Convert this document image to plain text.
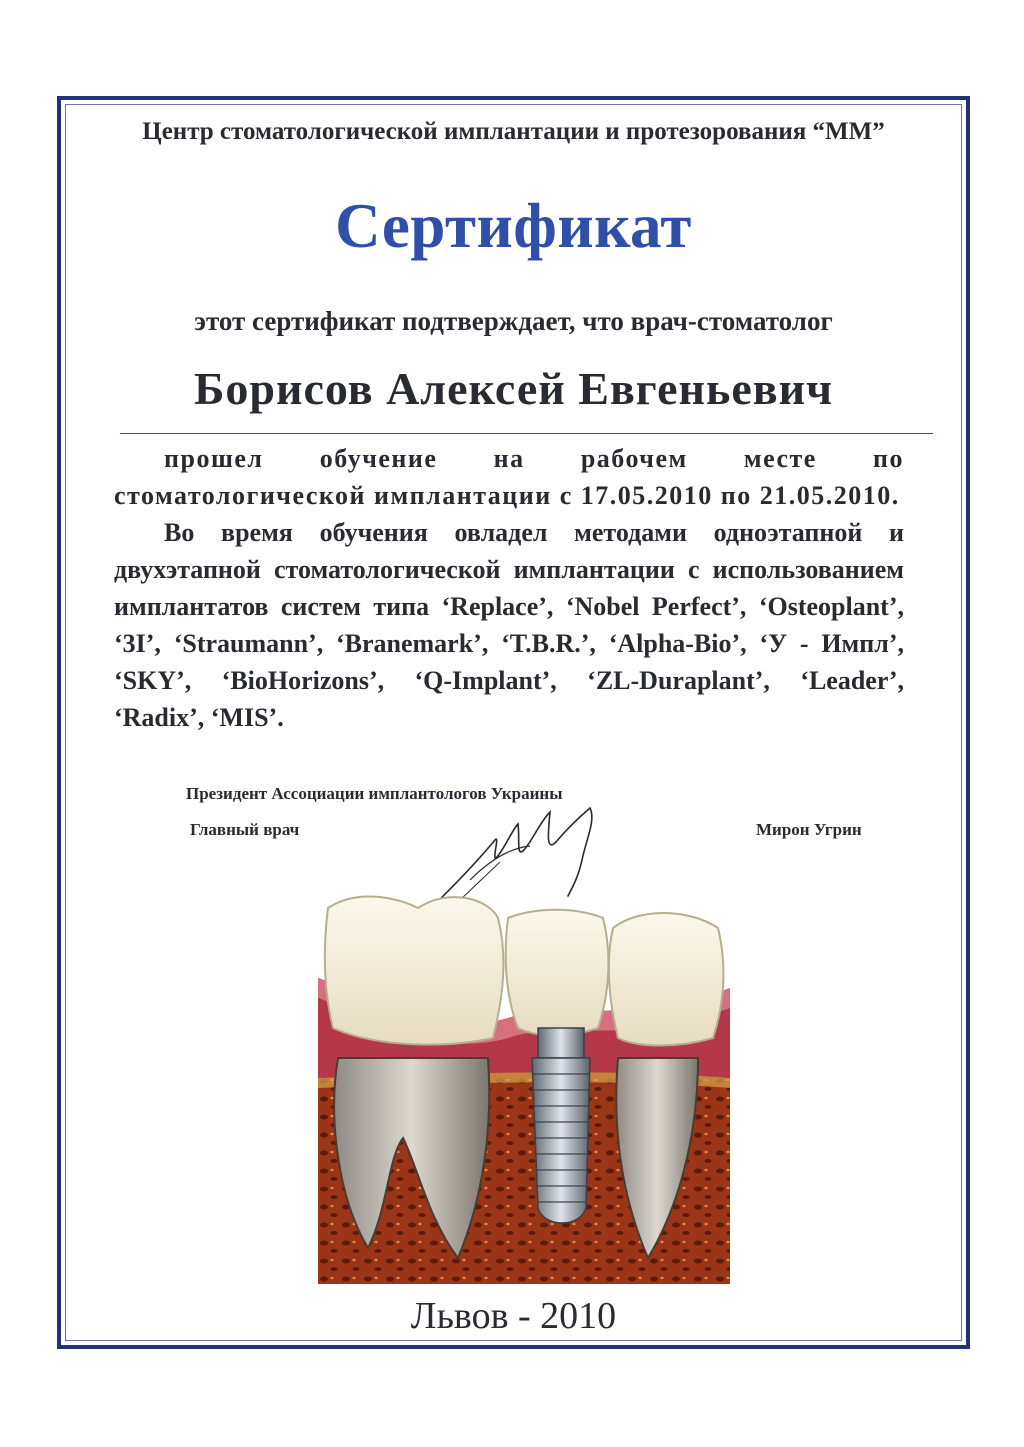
Центр стоматологической имплантации и протезорования “ММ”
Сертификат
этот сертификат подтверждает, что врач-стоматолог
Борисов Алексей Евгеньевич

прошел обучение на рабочем месте по стоматологической имплантации с 17.05.2010 по 21.05.2010.

Во время обучения овладел методами одноэтапной и двухэтапной стоматологической имплантации с использованием имплантатов систем типа ‘Replace’, ‘Nobel Perfect’, ‘Osteoplant’, ‘3I’, ‘Straumann’, ‘Branemark’, ‘T.B.R.’, ‘Alpha-Bio’, ‘У - Импл’, ‘SKY’, ‘BioHorizons’, ‘Q-Implant’, ‘ZL-Duraplant’, ‘Leader’, ‘Radix’, ‘MIS’.

Президент Ассоциации имплантологов Украины
Главный врач	Мирон Угрин
Львов - 2010
